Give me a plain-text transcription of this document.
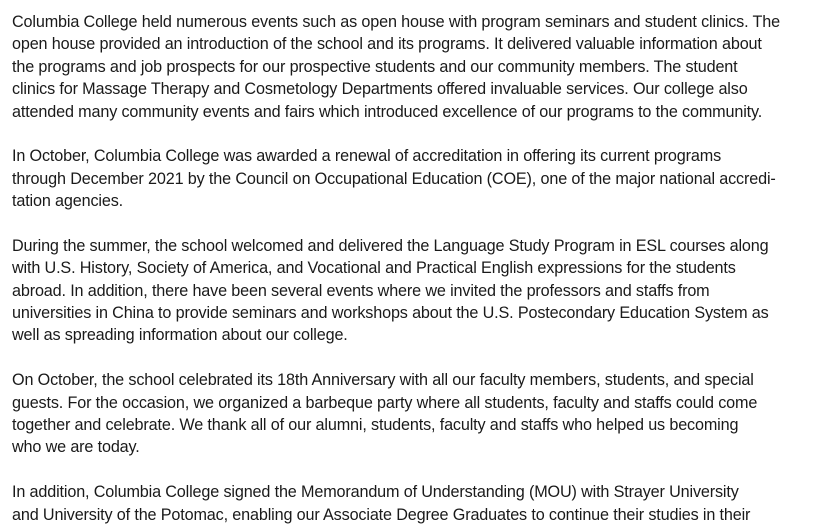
Columbia College held numerous events such as open house with program seminars and student clinics. The
open house provided an introduction of the school and its programs. It delivered valuable information about
the programs and job prospects for our prospective students and our community members. The student
clinics for Massage Therapy and Cosmetology Departments offered invaluable services. Our college also
attended many community events and fairs which introduced excellence of our programs to the community.
In October, Columbia College was awarded a renewal of accreditation in offering its current programs
through December 2021 by the Council on Occupational Education (COE), one of the major national accredi-
tation agencies.
During the summer, the school welcomed and delivered the Language Study Program in ESL courses along
with U.S. History, Society of America, and Vocational and Practical English expressions for the students
abroad. In addition, there have been several events where we invited the professors and staffs from
universities in China to provide seminars and workshops about the U.S. Postecondary Education System as
well as spreading information about our college.
On October, the school celebrated its 18th Anniversary with all our faculty members, students, and special
guests. For the occasion, we organized a barbeque party where all students, faculty and staffs could come
together and celebrate. We thank all of our alumni, students, faculty and staffs who helped us becoming
who we are today.
In addition, Columbia College signed the Memorandum of Understanding (MOU) with Strayer University
and University of the Potomac, enabling our Associate Degree Graduates to continue their studies in their
